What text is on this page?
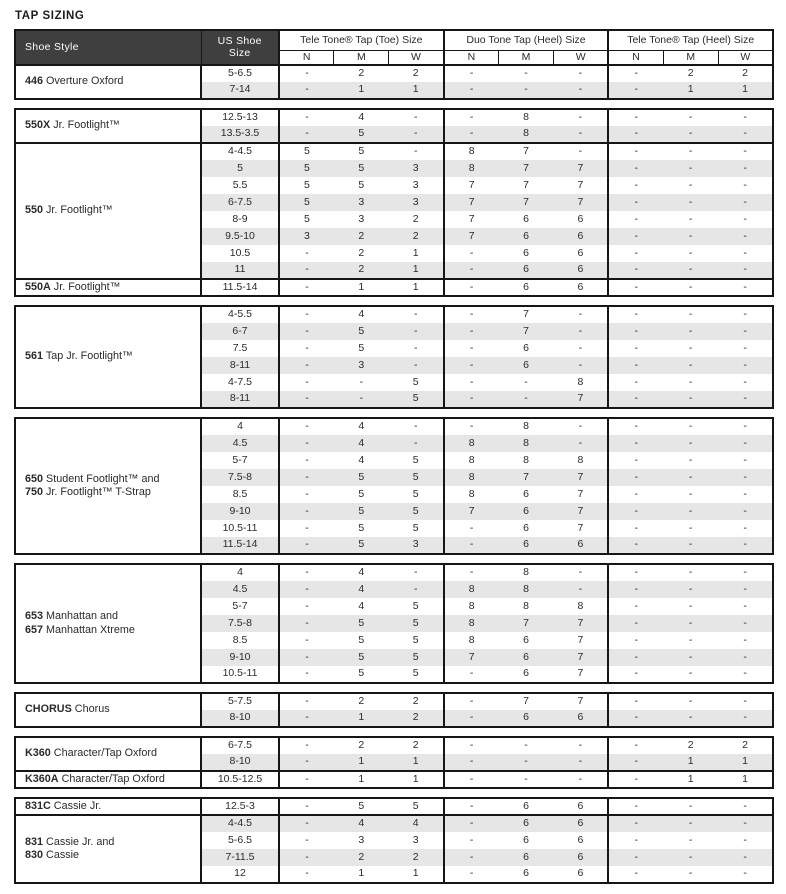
TAP SIZING
Shoe Style	US Shoe Size	Tele Tone® Tap (Toe) Size			Duo Tone Tap (Heel) Size			Tele Tone® Tap (Heel) Size		
		N	M	W	N	M	W	N	M	W
446 Overture Oxford	5-6.5	-	2	2	-	-	-	-	2	2
	7-14	-	1	1	-	-	-	-	1	1
550X Jr. Footlight™	12.5-13	-	4	-	-	8	-	-	-	-
	13.5-3.5	-	5	-	-	8	-	-	-	-
550 Jr. Footlight™	4-4.5	5	5	-	8	7	-	-	-	-
	5	5	5	3	8	7	7	-	-	-
	5.5	5	5	3	7	7	7	-	-	-
	6-7.5	5	3	3	7	7	7	-	-	-
	8-9	5	3	2	7	6	6	-	-	-
	9.5-10	3	2	2	7	6	6	-	-	-
	10.5	-	2	1	-	6	6	-	-	-
	11	-	2	1	-	6	6	-	-	-
550A Jr. Footlight™	11.5-14	-	1	1	-	6	6	-	-	-
561 Tap Jr. Footlight™	4-5.5	-	4	-	-	7	-	-	-	-
	6-7	-	5	-	-	7	-	-	-	-
	7.5	-	5	-	-	6	-	-	-	-
	8-11	-	3	-	-	6	-	-	-	-
	4-7.5	-	-	5	-	-	8	-	-	-
	8-11	-	-	5	-	-	7	-	-	-
650 Student Footlight™ and
750 Jr. Footlight™ T-Strap	4	-	4	-	-	8	-	-	-	-
	4.5	-	4	-	8	8	-	-	-	-
	5-7	-	4	5	8	8	8	-	-	-
	7.5-8	-	5	5	8	7	7	-	-	-
	8.5	-	5	5	8	6	7	-	-	-
	9-10	-	5	5	7	6	7	-	-	-
	10.5-11	-	5	5	-	6	7	-	-	-
	11.5-14	-	5	3	-	6	6	-	-	-
653 Manhattan and
657 Manhattan Xtreme	4	-	4	-	-	8	-	-	-	-
	4.5	-	4	-	8	8	-	-	-	-
	5-7	-	4	5	8	8	8	-	-	-
	7.5-8	-	5	5	8	7	7	-	-	-
	8.5	-	5	5	8	6	7	-	-	-
	9-10	-	5	5	7	6	7	-	-	-
	10.5-11	-	5	5	-	6	7	-	-	-
CHORUS Chorus	5-7.5	-	2	2	-	7	7	-	-	-
	8-10	-	1	2	-	6	6	-	-	-
K360 Character/Tap Oxford	6-7.5	-	2	2	-	-	-	-	2	2
	8-10	-	1	1	-	-	-	-	1	1
K360A Character/Tap Oxford	10.5-12.5	-	1	1	-	-	-	-	1	1
831C Cassie Jr.	12.5-3	-	5	5	-	6	6	-	-	-
831 Cassie Jr. and
830 Cassie	4-4.5	-	4	4	-	6	6	-	-	-
	5-6.5	-	3	3	-	6	6	-	-	-
	7-11.5	-	2	2	-	6	6	-	-	-
	12	-	1	1	-	6	6	-	-	-
